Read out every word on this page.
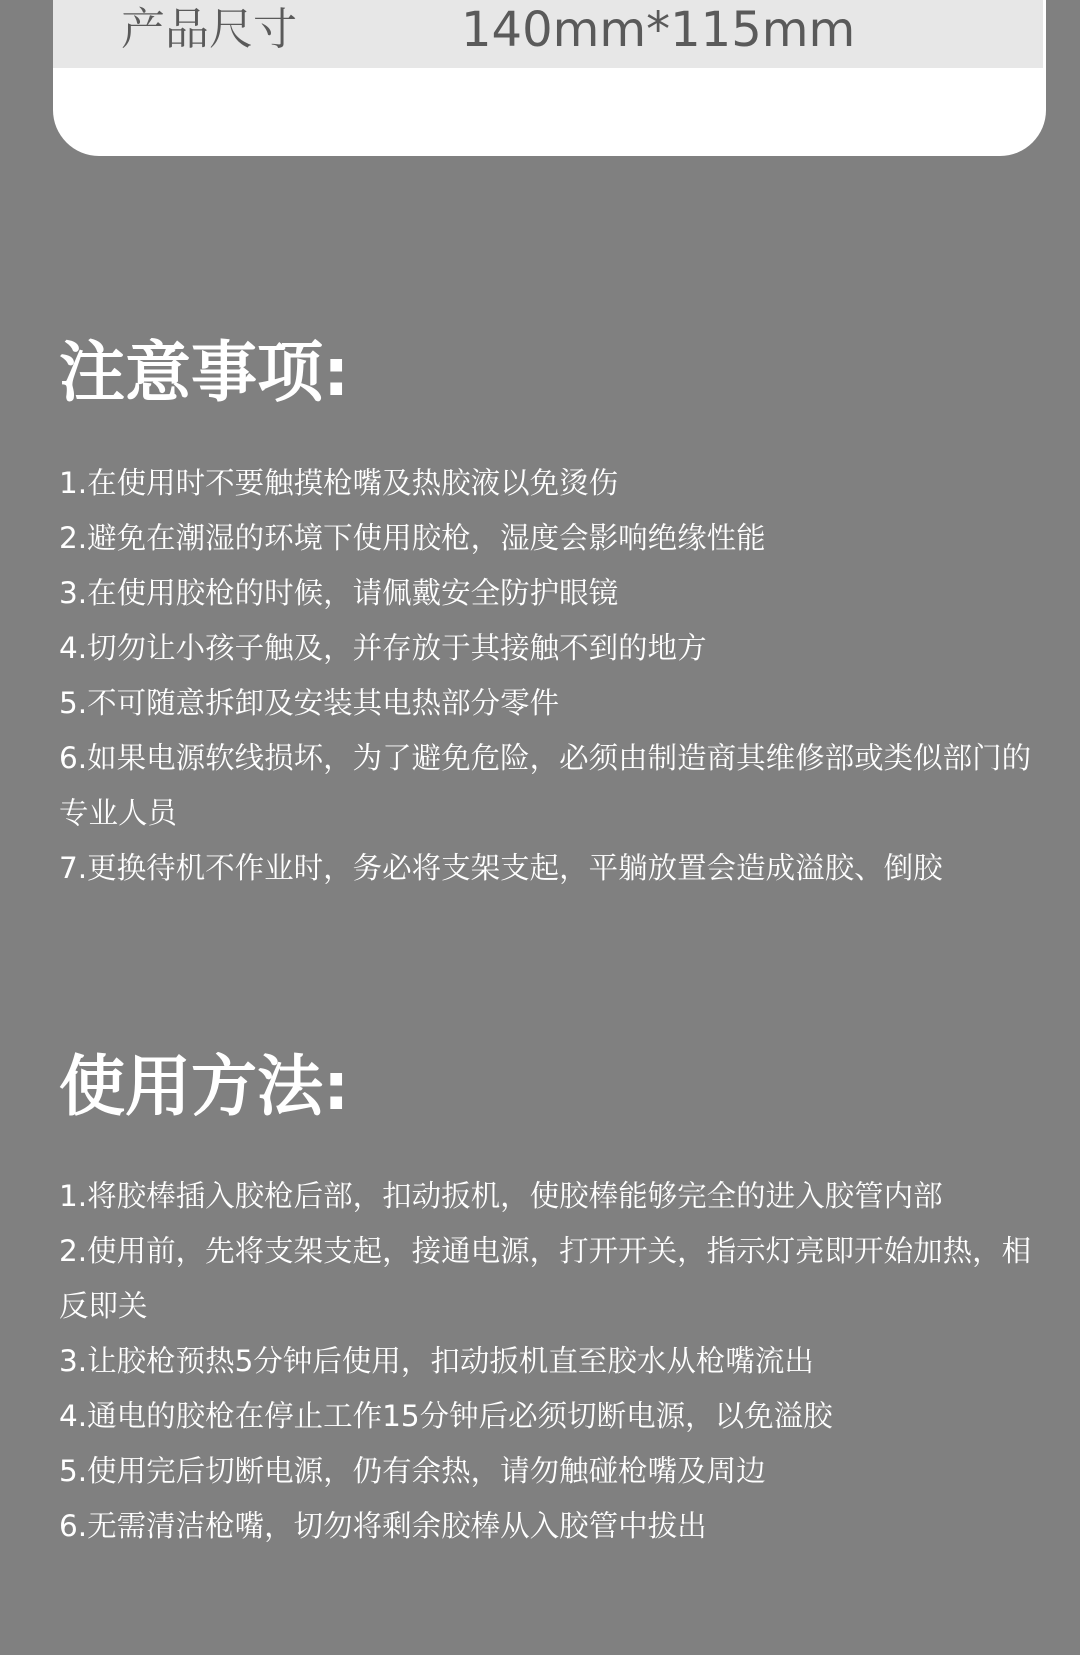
产品尺寸	140mm*115mm
注意事项:
1.在使用时不要触摸枪嘴及热胶液以免烫伤
2.避免在潮湿的环境下使用胶枪，湿度会影响绝缘性能
3.在使用胶枪的时候，请佩戴安全防护眼镜
4.切勿让小孩子触及，并存放于其接触不到的地方
5.不可随意拆卸及安装其电热部分零件
6.如果电源软线损坏，为了避免危险，必须由制造商其维修部或类似部门的专业人员
7.更换待机不作业时，务必将支架支起，平躺放置会造成溢胶、倒胶
使用方法:
1.将胶棒插入胶枪后部，扣动扳机，使胶棒能够完全的进入胶管内部
2.使用前，先将支架支起，接通电源，打开开关，指示灯亮即开始加热，相反即关
3.让胶枪预热5分钟后使用，扣动扳机直至胶水从枪嘴流出
4.通电的胶枪在停止工作15分钟后必须切断电源，以免溢胶
5.使用完后切断电源，仍有余热，请勿触碰枪嘴及周边
6.无需清洁枪嘴，切勿将剩余胶棒从入胶管中拔出
